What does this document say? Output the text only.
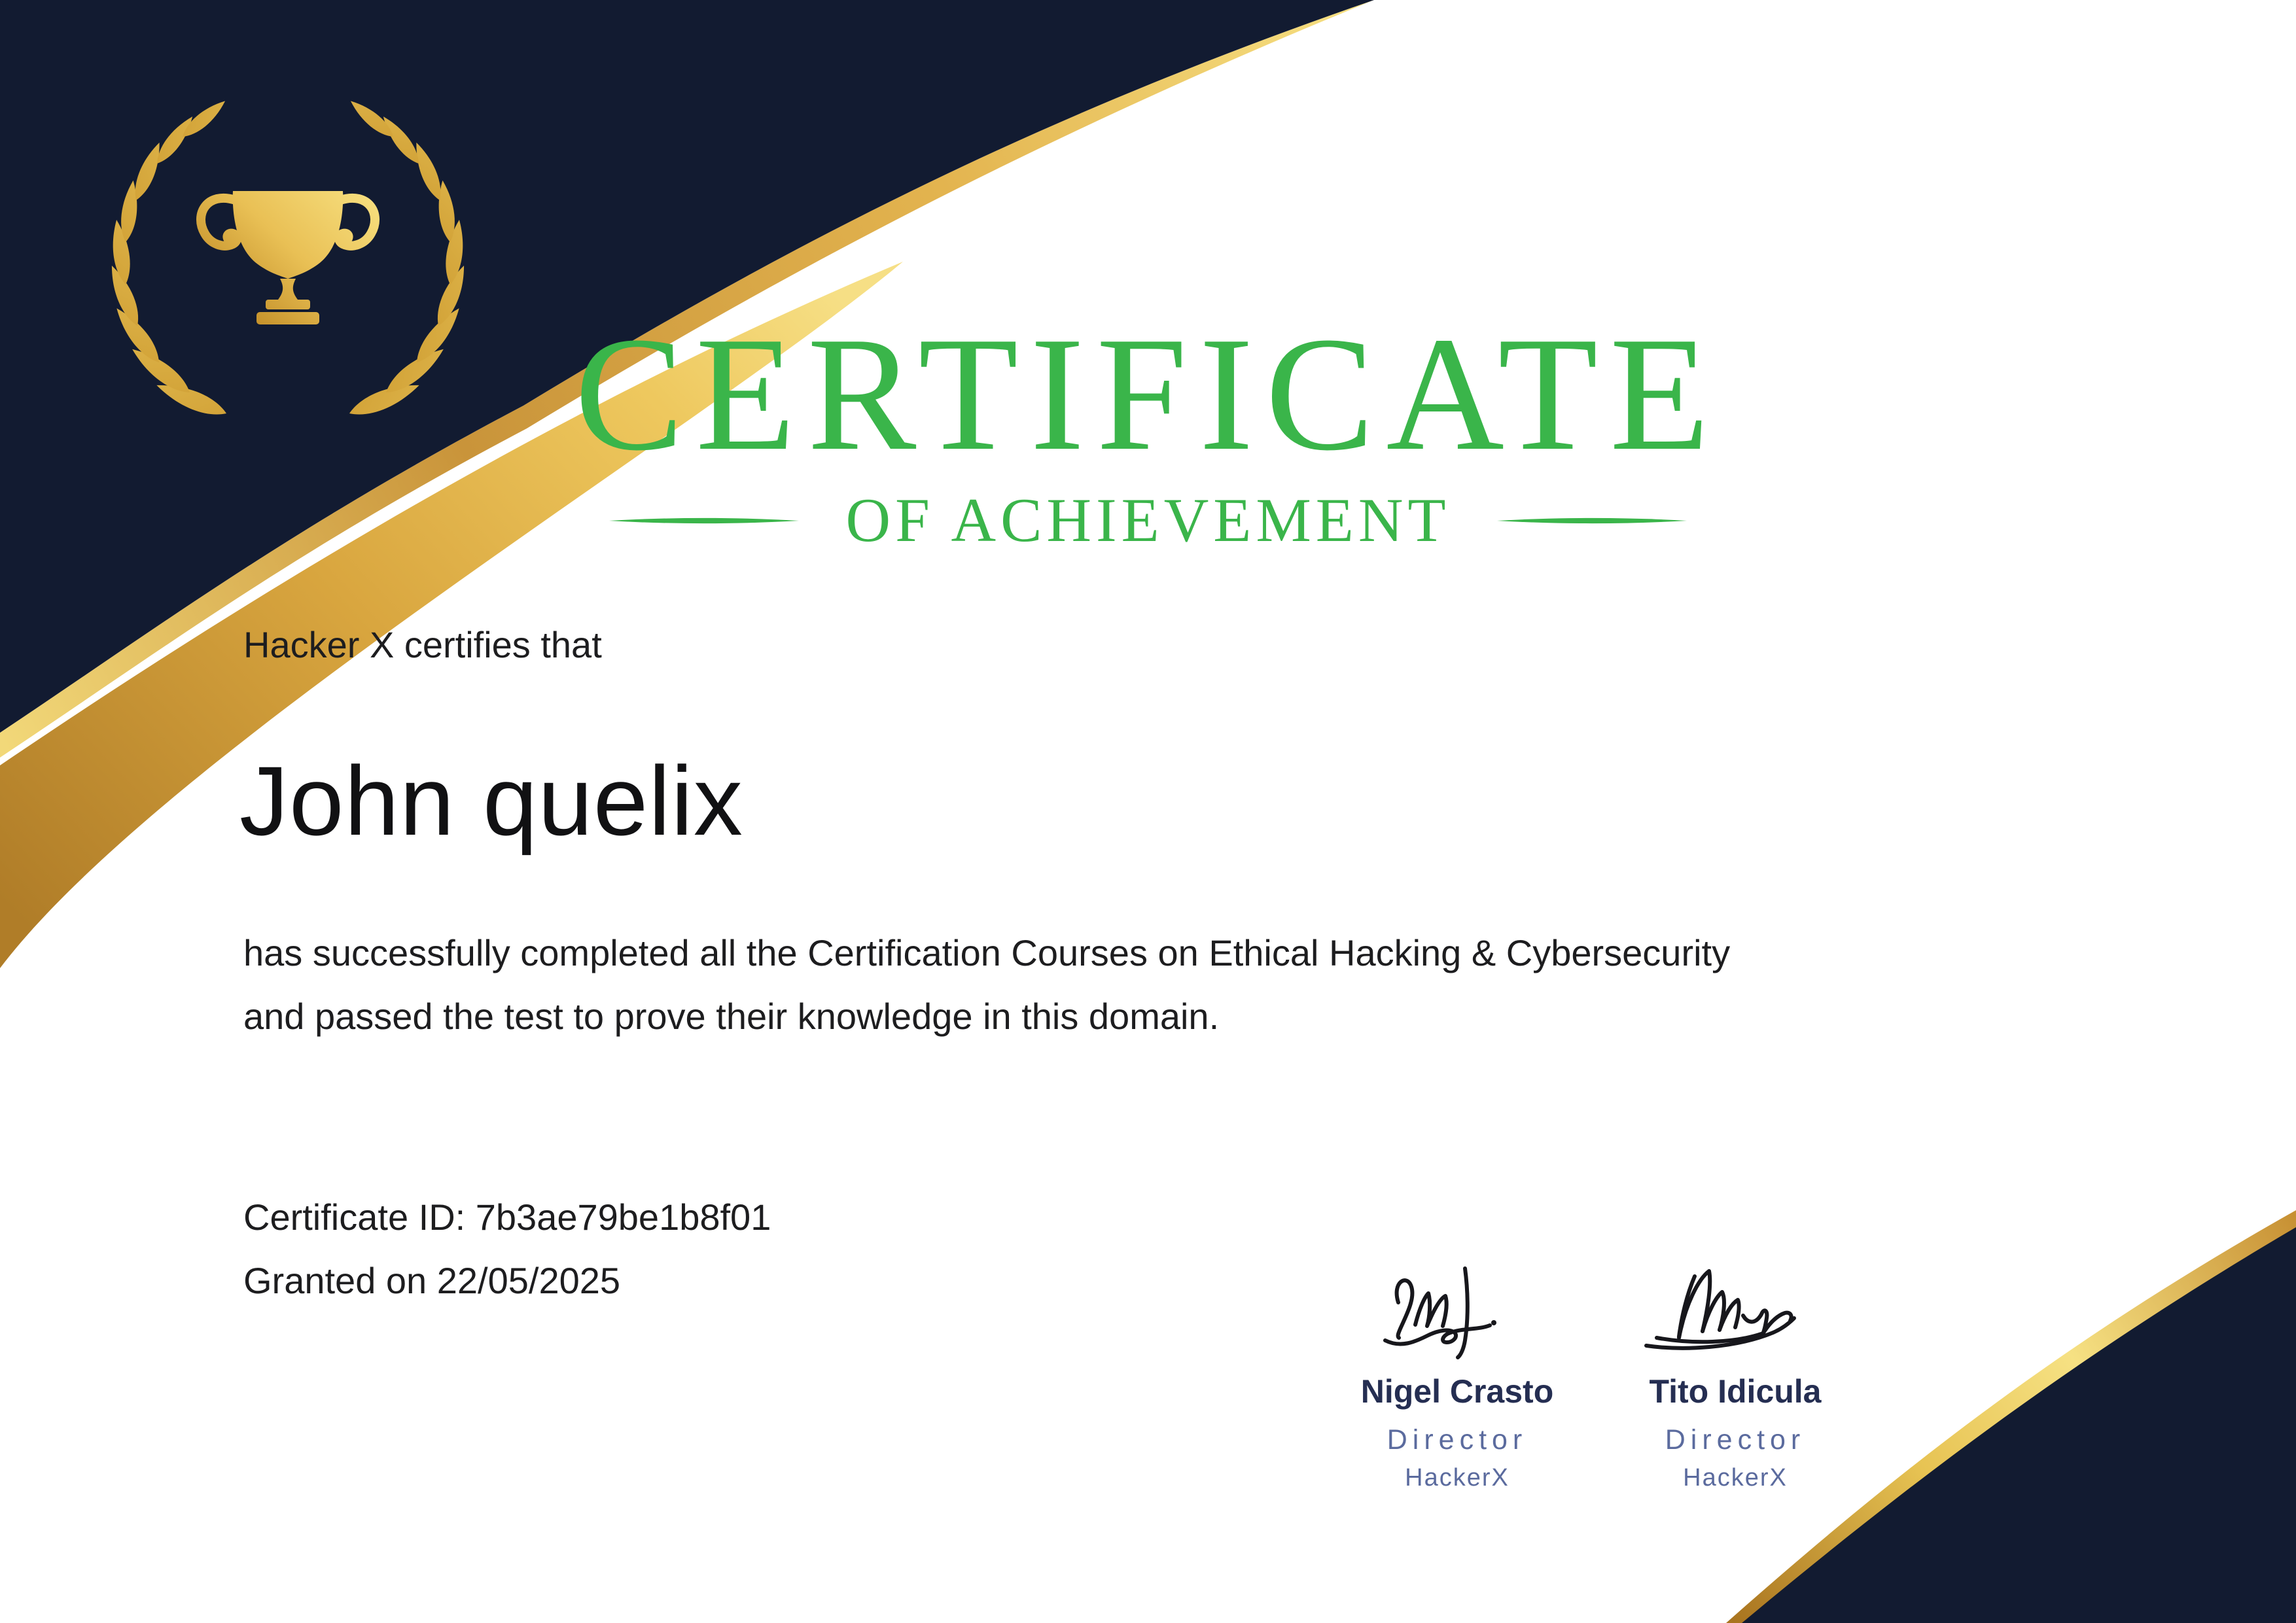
CERTIFICATE
OF ACHIEVEMENT
Hacker X certifies that
John quelix
has successfully completed all the Certification Courses on Ethical Hacking & Cybersecurity
and passed the test to prove their knowledge in this domain.
Certificate ID: 7b3ae79be1b8f01
Granted on 22/05/2025
Nigel Crasto
Director
HackerX
Tito Idicula
Director
HackerX
